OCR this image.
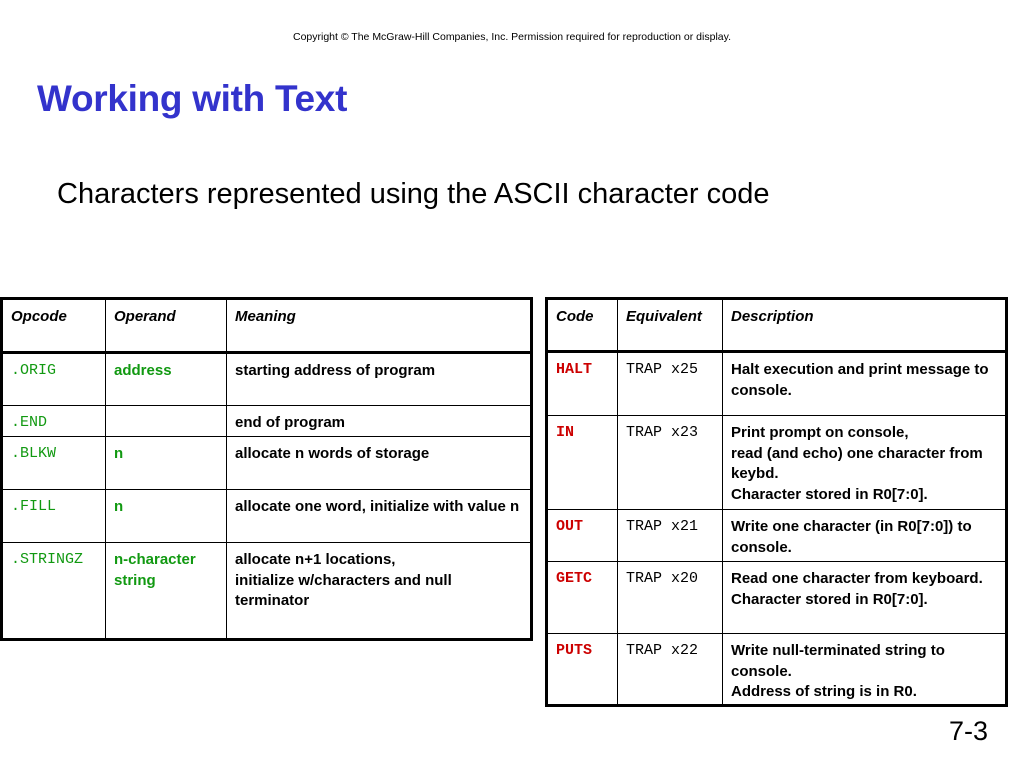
Copyright © The McGraw-Hill Companies, Inc. Permission required for reproduction or display.
Working with Text

Characters represented using the ASCII character code

Opcode	Operand	Meaning
.ORIG	address	starting address of program
.END		end of program
.BLKW	n	allocate n words of storage
.FILL	n	allocate one word, initialize with value n
.STRINGZ	n-character string	allocate n+1 locations,
initialize w/characters and null terminator
Code	Equivalent	Description
HALT	TRAP x25	Halt execution and print message to console.
IN	TRAP x23	Print prompt on console,
read (and echo) one character from keybd.
Character stored in R0[7:0].
OUT	TRAP x21	Write one character (in R0[7:0]) to console.
GETC	TRAP x20	Read one character from keyboard.
Character stored in R0[7:0].
PUTS	TRAP x22	Write null-terminated string to console.
Address of string is in R0.
7-3
